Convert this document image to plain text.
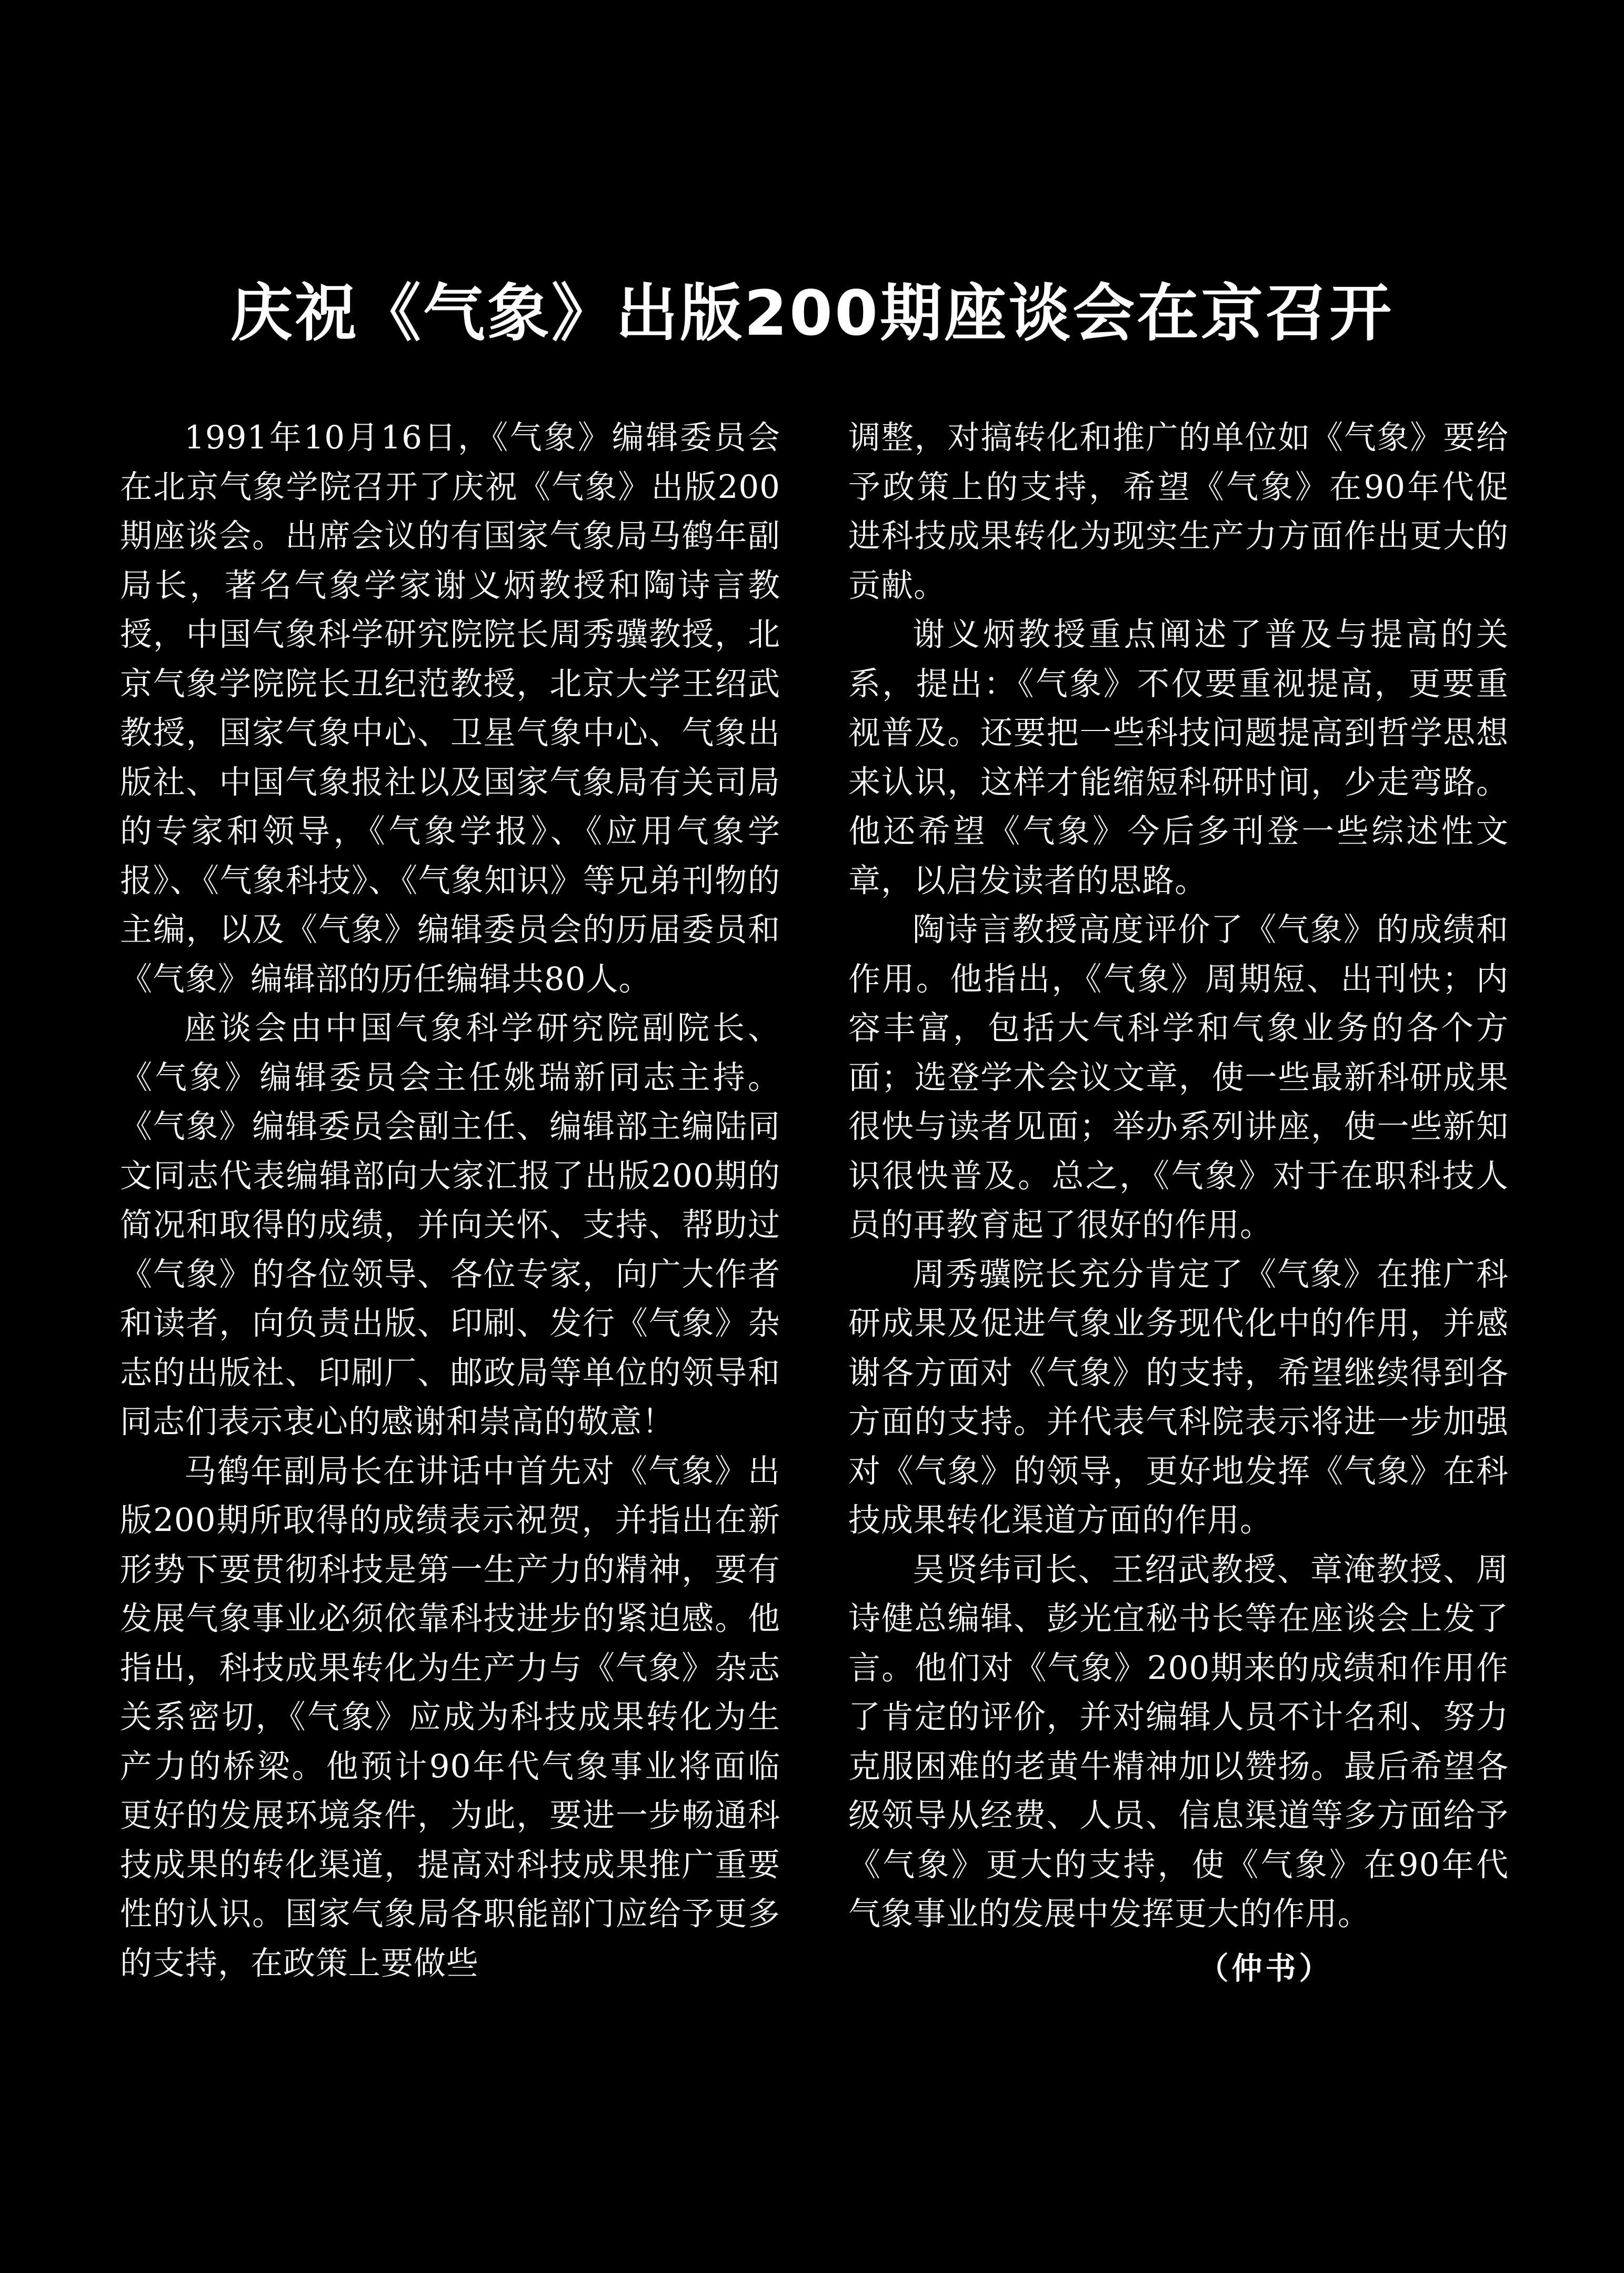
庆祝《气象》出版200期座谈会在京召开

1991年10月16日，《气象》编辑委员会在北京气象学院召开了庆祝《气象》出版200期座谈会。出席会议的有国家气象局马鹤年副局长，著名气象学家谢义炳教授和陶诗言教授，中国气象科学研究院院长周秀骥教授，北京气象学院院长丑纪范教授，北京大学王绍武教授，国家气象中心、卫星气象中心、气象出版社、中国气象报社以及国家气象局有关司局的专家和领导，《气象学报》、《应用气象学报》、《气象科技》、《气象知识》等兄弟刊物的主编，以及《气象》编辑委员会的历届委员和《气象》编辑部的历任编辑共80人。

座谈会由中国气象科学研究院副院长、《气象》编辑委员会主任姚瑞新同志主持。《气象》编辑委员会副主任、编辑部主编陆同文同志代表编辑部向大家汇报了出版200期的简况和取得的成绩，并向关怀、支持、帮助过《气象》的各位领导、各位专家，向广大作者和读者，向负责出版、印刷、发行《气象》杂志的出版社、印刷厂、邮政局等单位的领导和同志们表示衷心的感谢和崇高的敬意！

马鹤年副局长在讲话中首先对《气象》出版200期所取得的成绩表示祝贺，并指出在新形势下要贯彻科技是第一生产力的精神，要有发展气象事业必须依靠科技进步的紧迫感。他指出，科技成果转化为生产力与《气象》杂志关系密切，《气象》应成为科技成果转化为生产力的桥梁。他预计90年代气象事业将面临更好的发展环境条件，为此，要进一步畅通科技成果的转化渠道，提高对科技成果推广重要性的认识。国家气象局各职能部门应给予更多的支持，在政策上要做些

调整，对搞转化和推广的单位如《气象》要给予政策上的支持，希望《气象》在90年代促进科技成果转化为现实生产力方面作出更大的贡献。

谢义炳教授重点阐述了普及与提高的关系，提出：《气象》不仅要重视提高，更要重视普及。还要把一些科技问题提高到哲学思想来认识，这样才能缩短科研时间，少走弯路。他还希望《气象》今后多刊登一些综述性文章，以启发读者的思路。

陶诗言教授高度评价了《气象》的成绩和作用。他指出，《气象》周期短、出刊快；内容丰富，包括大气科学和气象业务的各个方面；选登学术会议文章，使一些最新科研成果很快与读者见面；举办系列讲座，使一些新知识很快普及。总之，《气象》对于在职科技人员的再教育起了很好的作用。

周秀骥院长充分肯定了《气象》在推广科研成果及促进气象业务现代化中的作用，并感谢各方面对《气象》的支持，希望继续得到各方面的支持。并代表气科院表示将进一步加强对《气象》的领导，更好地发挥《气象》在科技成果转化渠道方面的作用。

吴贤纬司长、王绍武教授、章淹教授、周诗健总编辑、彭光宜秘书长等在座谈会上发了言。他们对《气象》200期来的成绩和作用作了肯定的评价，并对编辑人员不计名利、努力克服困难的老黄牛精神加以赞扬。最后希望各级领导从经费、人员、信息渠道等多方面给予《气象》更大的支持，使《气象》在90年代气象事业的发展中发挥更大的作用。

（仲书）
